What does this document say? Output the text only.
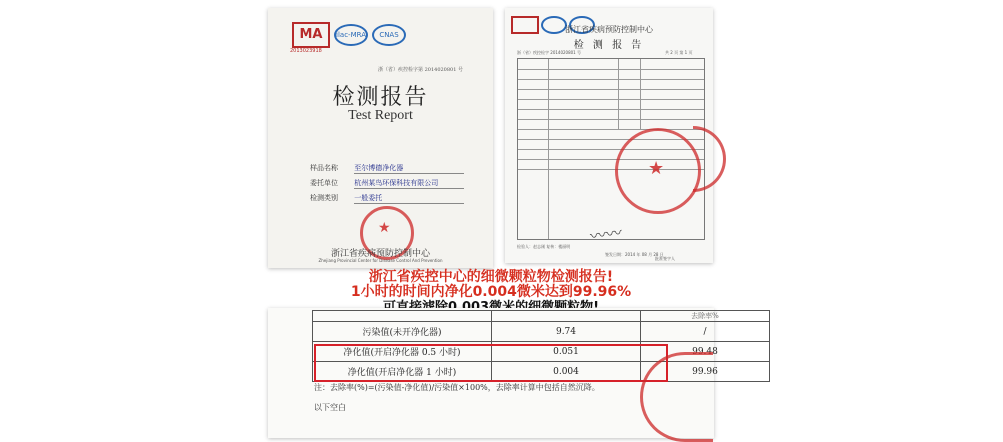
MA
2013023918
ilac-MRA	CNAS
浙（省）疾控检字第 2014020801 号
检测报告
Test Report
样品名称 至尔博德净化器
委托单位 杭州某鸟环保科技有限公司
检测类别 一般委托
★
浙江省疾病预防控制中心
Zhejiang Provincial Center for Disease Control And Prevention
浙江省疾病预防控制中心
检 测 报 告
浙（省）疾控检字 2014020801 号	共 2 页 第 1 页
★
检验人：赵志刚 复核：楼丽明
签发日期：2014 年 08 月 28 日
批准签字人
〰〰
浙江省疾控中心的细微颗粒物检测报告!
1小时的时间内净化0.004微米达到99.96%
		去除率%
污染值(未开净化器)	9.74	/
净化值(开启净化器 0.5 小时)	0.051	99.48
净化值(开启净化器 1 小时)	0.004	99.96
注：去除率(%)=(污染值-净化值)/污染值×100%，去除率计算中包括自然沉降。
以下空白
